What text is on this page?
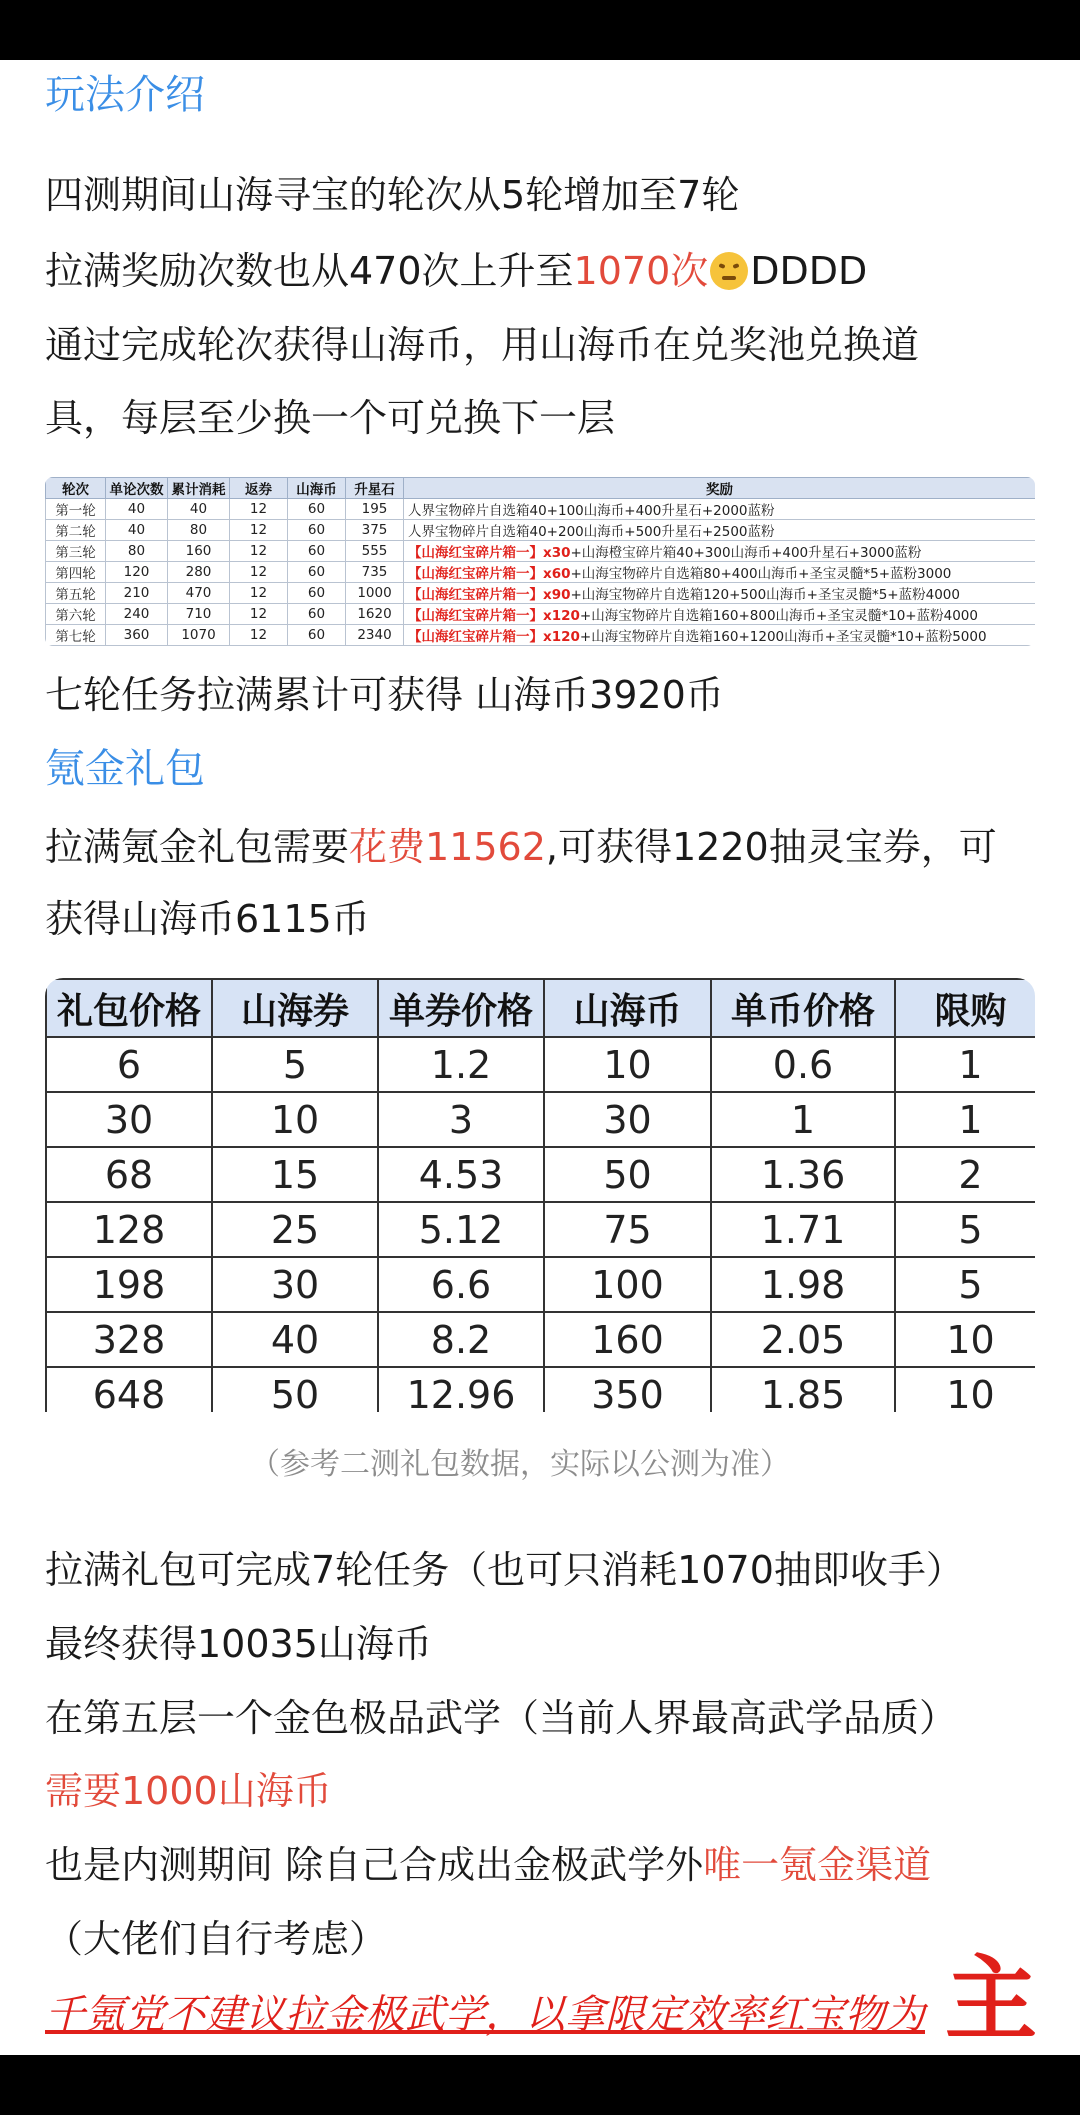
玩法介绍
四测期间山海寻宝的轮次从5轮增加至7轮
拉满奖励次数也从470次上升至1070次 DDDD
通过完成轮次获得山海币，用山海币在兑奖池兑换道
具，每层至少换一个可兑换下一层
轮次	单论次数	累计消耗	返券	山海币	升星石	奖励
第一轮	40	40	12	60	195	人界宝物碎片自选箱40+100山海币+400升星石+2000蓝粉
第二轮	40	80	12	60	375	人界宝物碎片自选箱40+200山海币+500升星石+2500蓝粉
第三轮	80	160	12	60	555	【山海红宝碎片箱一】x30+山海橙宝碎片箱40+300山海币+400升星石+3000蓝粉
第四轮	120	280	12	60	735	【山海红宝碎片箱一】x60+山海宝物碎片自选箱80+400山海币+圣宝灵髓*5+蓝粉3000
第五轮	210	470	12	60	1000	【山海红宝碎片箱一】x90+山海宝物碎片自选箱120+500山海币+圣宝灵髓*5+蓝粉4000
第六轮	240	710	12	60	1620	【山海红宝碎片箱一】x120+山海宝物碎片自选箱160+800山海币+圣宝灵髓*10+蓝粉4000
第七轮	360	1070	12	60	2340	【山海红宝碎片箱一】x120+山海宝物碎片自选箱160+1200山海币+圣宝灵髓*10+蓝粉5000
七轮任务拉满累计可获得 山海币3920币
氪金礼包
拉满氪金礼包需要花费11562,可获得1220抽灵宝券，可
获得山海币6115币
礼包价格	山海券	单券价格	山海币	单币价格	限购
6	5	1.2	10	0.6	1
30	10	3	30	1	1
68	15	4.53	50	1.36	2
128	25	5.12	75	1.71	5
198	30	6.6	100	1.98	5
328	40	8.2	160	2.05	10
648	50	12.96	350	1.85	10
（参考二测礼包数据，实际以公测为准）
拉满礼包可完成7轮任务（也可只消耗1070抽即收手）
最终获得10035山海币
在第五层一个金色极品武学（当前人界最高武学品质）
需要1000山海币
也是内测期间 除自己合成出金极武学外唯一氪金渠道
（大佬们自行考虑）
千氪党不建议拉金极武学，以拿限定效率红宝物为 主
